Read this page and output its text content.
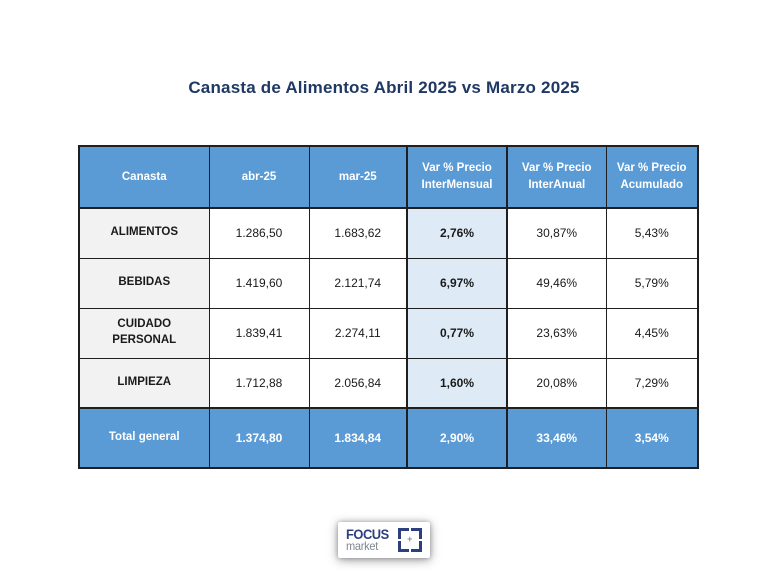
Canasta de Alimentos Abril 2025 vs Marzo 2025
Canasta	abr-25	mar-25	Var % Precio InterMensual	Var % Precio InterAnual	Var % Precio Acumulado
ALIMENTOS	1.286,50	1.683,62	2,76%	30,87%	5,43%
BEBIDAS	1.419,60	2.121,74	6,97%	49,46%	5,79%
CUIDADO PERSONAL	1.839,41	2.274,11	0,77%	23,63%	4,45%
LIMPIEZA	1.712,88	2.056,84	1,60%	20,08%	7,29%
Total general	1.374,80	1.834,84	2,90%	33,46%	3,54%
FOCUS
market	+
